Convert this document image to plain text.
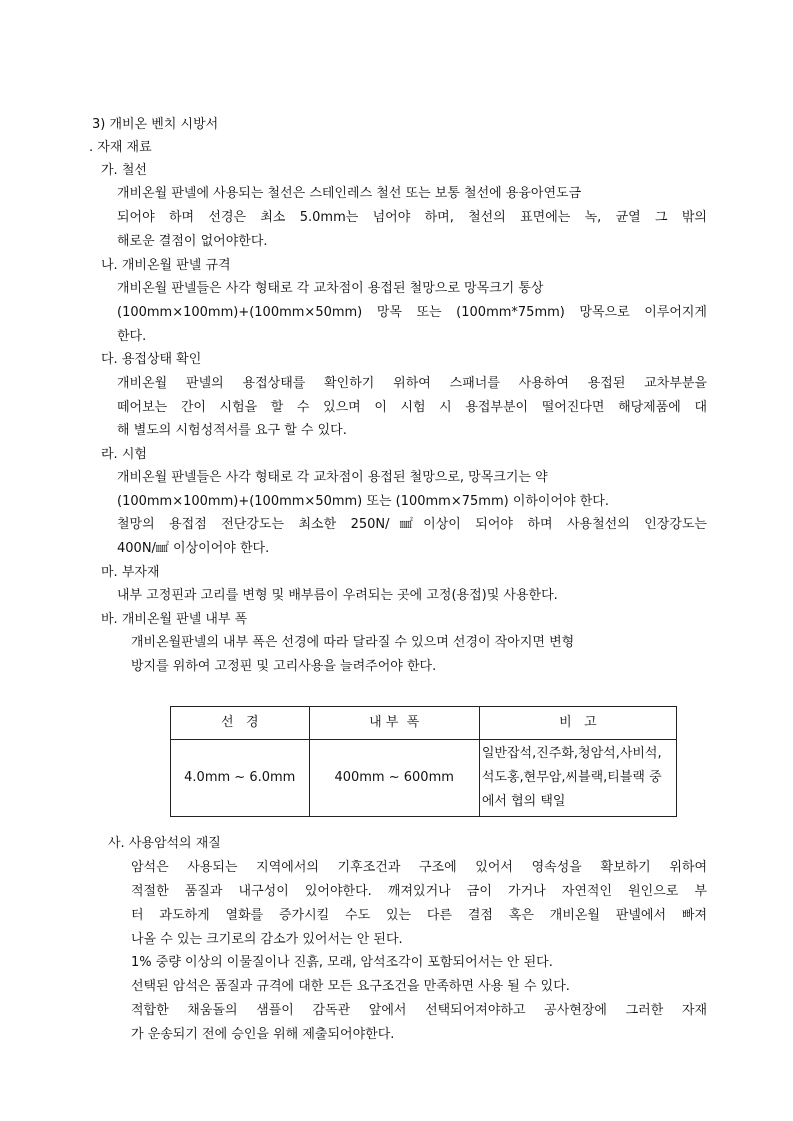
3) 개비온 벤치 시방서
. 자재 재료
가. 철선
개비온월 판넬에 사용되는 철선은 스테인레스 철선 또는 보통 철선에 용융아연도금
되어야 하며 선경은 최소 5.0mm는 넘어야 하며, 철선의 표면에는 녹, 균열 그 밖의
해로운 결점이 없어야한다.
나. 개비온월 판넬 규격
개비온월 판넬들은 사각 형태로 각 교차점이 용접된 철망으로 망목크기 통상
(100mm×100mm)+(100mm×50mm) 망목 또는 (100mm*75mm) 망목으로 이루어지게
한다.
다. 용접상태 확인
개비온월 판넬의 용접상태를 확인하기 위하여 스패너를 사용하여 용접된 교차부분을
떼어보는 간이 시험을 할 수 있으며 이 시험 시 용접부분이 떨어진다면 해당제품에 대
해 별도의 시험성적서를 요구 할 수 있다.
라. 시험
개비온월 판넬들은 사각 형태로 각 교차점이 용접된 철망으로, 망목크기는 약
(100mm×100mm)+(100mm×50mm) 또는 (100mm×75mm) 이하이어야 한다.
철망의 용접점 전단강도는 최소한 250N/㎟이상이 되어야 하며 사용철선의 인장강도는
400N/㎟ 이상이어야 한다.
마. 부자재
내부 고정핀과 고리를 변형 및 배부름이 우려되는 곳에 고정(용접)및 사용한다.
바. 개비온월 판넬 내부 폭
개비온월판넬의 내부 폭은 선경에 따라 달라질 수 있으며 선경이 작아지면 변형
방지를 위하여 고정핀 및 고리사용을 늘려주어야 한다.
선   경	내 부  폭	비   고
4.0mm ~ 6.0mm	400mm ~ 600mm	일반잡석,진주화,청암석,사비석,석도홍,현무암,씨블랙,티블랙 중에서 협의 택일
사. 사용암석의 재질
암석은 사용되는 지역에서의 기후조건과 구조에 있어서 영속성을 확보하기 위하여
적절한 품질과 내구성이 있어야한다. 깨져있거나 금이 가거나 자연적인 원인으로 부
터 과도하게 열화를 증가시킬 수도 있는 다른 결점 혹은 개비온월 판넬에서 빠져
나올 수 있는 크기로의 감소가 있어서는 안 된다.
1% 중량 이상의 이물질이나 진흙, 모래, 암석조각이 포함되어서는 안 된다.
선택된 암석은 품질과 규격에 대한 모든 요구조건을 만족하면 사용 될 수 있다.
적합한 채움돌의 샘플이 감독관 앞에서 선택되어져야하고 공사현장에 그러한 자재
가 운송되기 전에 승인을 위해 제출되어야한다.
